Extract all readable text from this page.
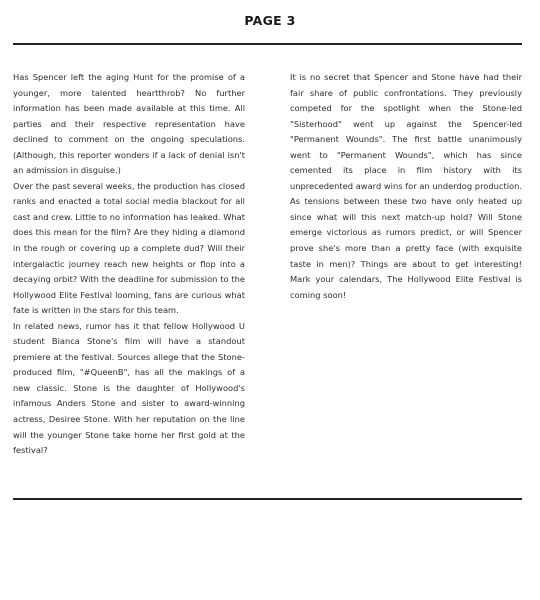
PAGE 3

Has Spencer left the aging Hunt for the promise of a younger, more talented heartthrob? No further information has been made available at this time. All parties and their respective representation have declined to comment on the ongoing speculations. (Although, this reporter wonders if a lack of denial isn't an admission in disguise.)

Over the past several weeks, the production has closed ranks and enacted a total social media blackout for all cast and crew. Little to no information has leaked. What does this mean for the film? Are they hiding a diamond in the rough or covering up a complete dud? Will their intergalactic journey reach new heights or flop into a decaying orbit? With the deadline for submission to the Hollywood Elite Festival looming, fans are curious what fate is written in the stars for this team.

In related news, rumor has it that fellow Hollywood U student Bianca Stone's film will have a standout premiere at the festival. Sources allege that the Stone-produced film, "#QueenB", has all the makings of a new classic. Stone is the daughter of Hollywood's infamous Anders Stone and sister to award-winning actress, Desiree Stone. With her reputation on the line will the younger Stone take home her first gold at the festival?

It is no secret that Spencer and Stone have had their fair share of public confrontations. They previously competed for the spotlight when the Stone-led "Sisterhood" went up against the Spencer-led "Permanent Wounds". The first battle unanimously went to "Permanent Wounds", which has since cemented its place in film history with its unprecedented award wins for an underdog production. As tensions between these two have only heated up since what will this next match-up hold? Will Stone emerge victorious as rumors predict, or will Spencer prove she's more than a pretty face (with exquisite taste in men)? Things are about to get interesting! Mark your calendars, The Hollywood Elite Festival is coming soon!
